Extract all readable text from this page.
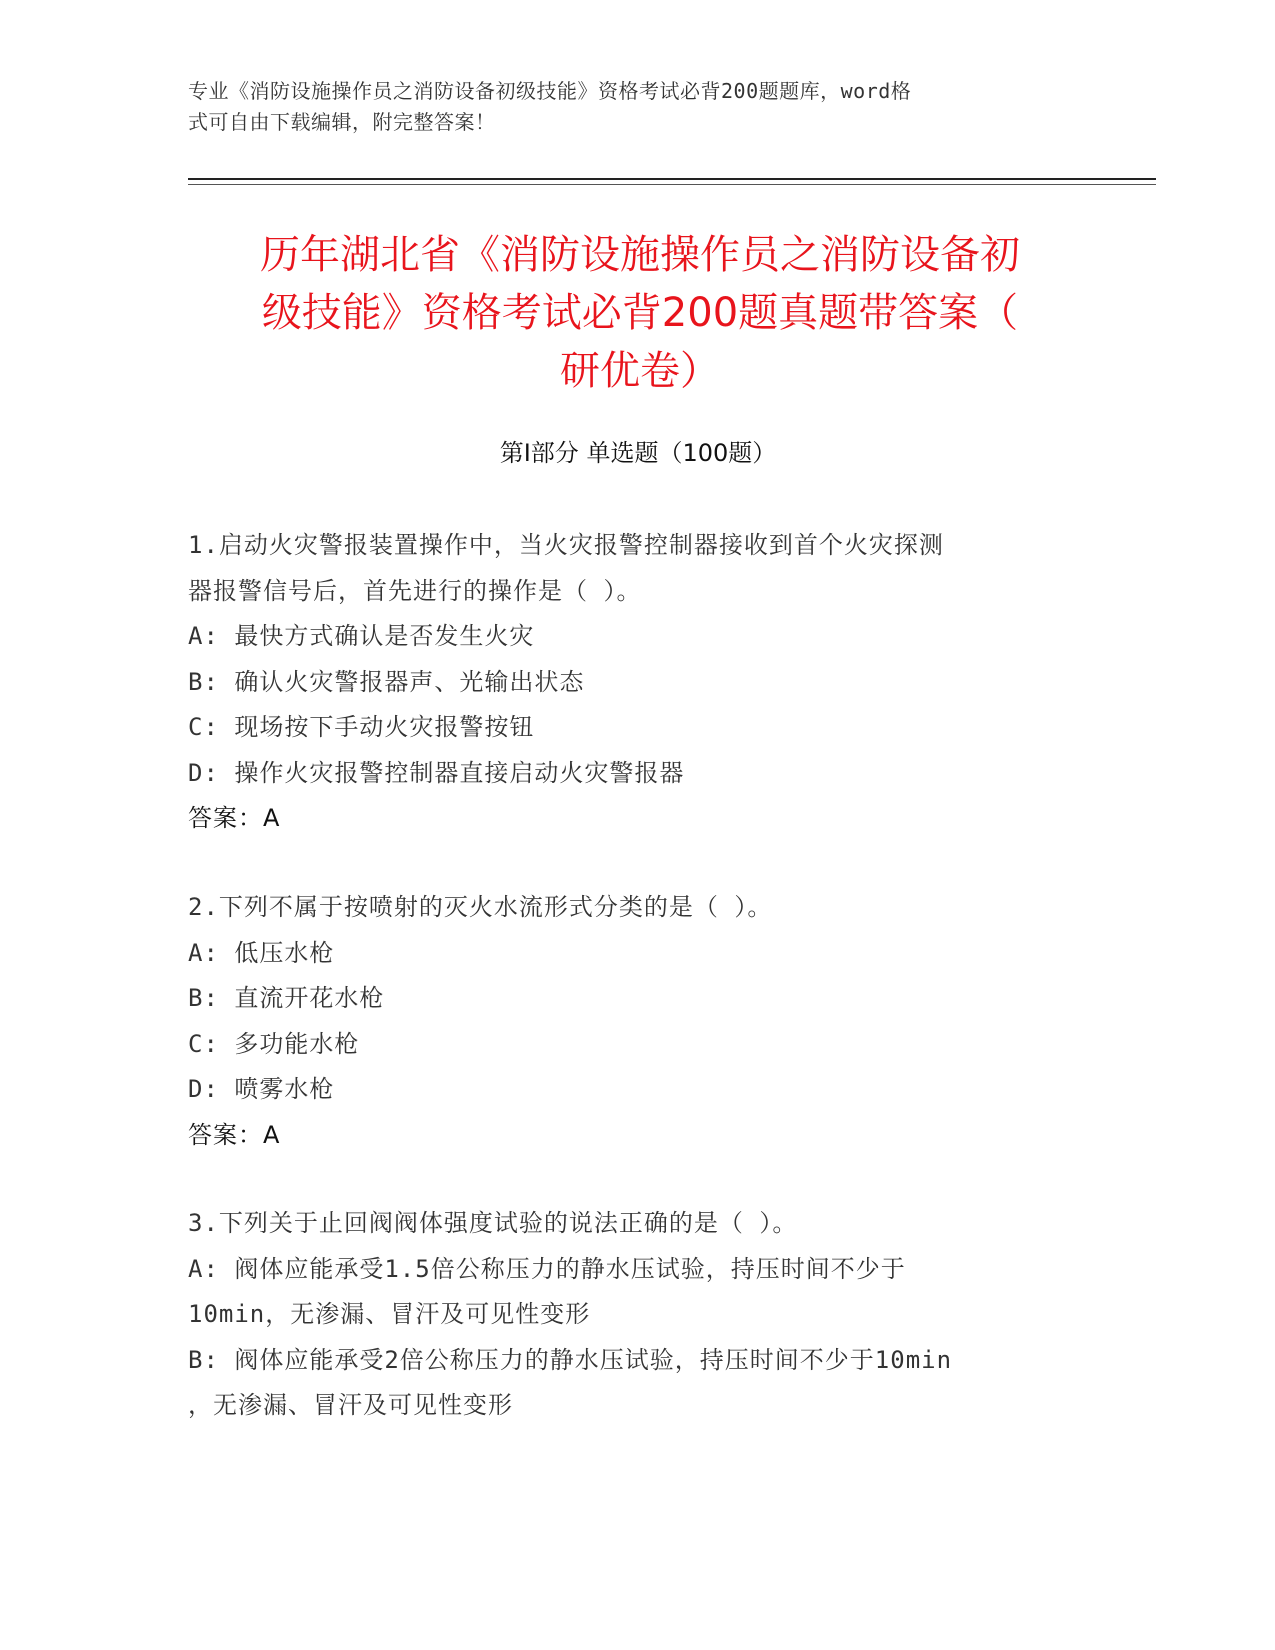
专业《消防设施操作员之消防设备初级技能》资格考试必背200题题库，word格
式可自由下载编辑，附完整答案！
历年湖北省《消防设施操作员之消防设备初
级技能》资格考试必背200题真题带答案（
研优卷）
第Ⅰ部分 单选题（100题）

1.启动火灾警报装置操作中，当火灾报警控制器接收到首个火灾探测

器报警信号后，首先进行的操作是（ ）。

A: 最快方式确认是否发生火灾

B: 确认火灾警报器声、光输出状态

C: 现场按下手动火灾报警按钮

D: 操作火灾报警控制器直接启动火灾警报器

答案：A

2.下列不属于按喷射的灭火水流形式分类的是（ ）。

A: 低压水枪

B: 直流开花水枪

C: 多功能水枪

D: 喷雾水枪

答案：A

3.下列关于止回阀阀体强度试验的说法正确的是（ ）。

A: 阀体应能承受1.5倍公称压力的静水压试验，持压时间不少于

10min，无渗漏、冒汗及可见性变形

B: 阀体应能承受2倍公称压力的静水压试验，持压时间不少于10min

，无渗漏、冒汗及可见性变形
